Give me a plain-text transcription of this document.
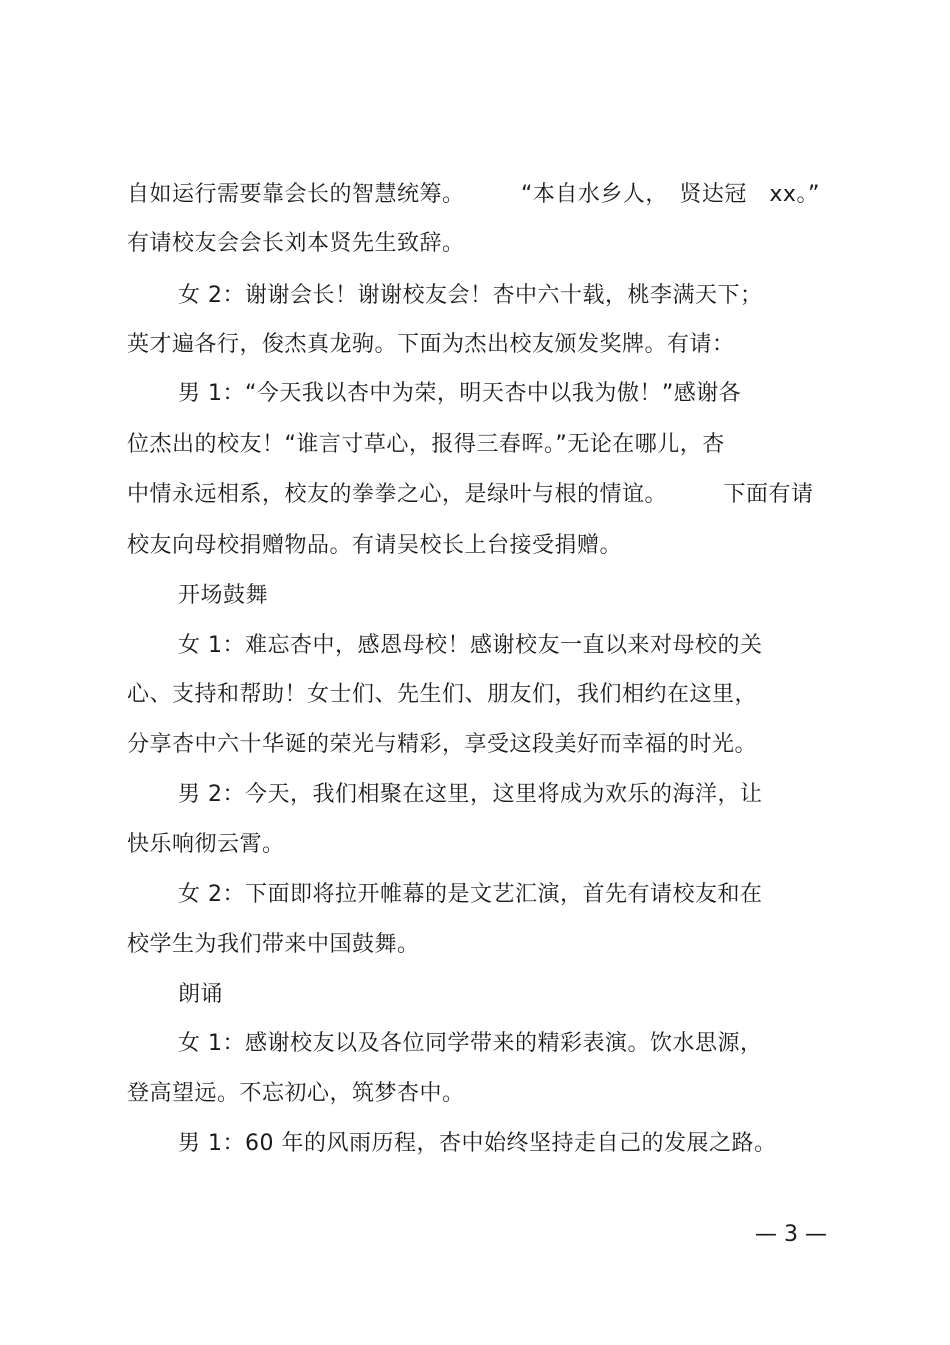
自如运行需要靠会长的智慧统筹。　　　“本自水乡人，　贤达冠　xx。”
有请校友会会长刘本贤先生致辞。
女 2：谢谢会长！谢谢校友会！杏中六十载，桃李满天下；
英才遍各行，俊杰真龙驹。下面为杰出校友颁发奖牌。有请：
男 1：“今天我以杏中为荣，明天杏中以我为傲！”感谢各
位杰出的校友！“谁言寸草心，报得三春晖。”无论在哪儿，杏
中情永远相系，校友的拳拳之心，是绿叶与根的情谊。　　　下面有请
校友向母校捐赠物品。有请吴校长上台接受捐赠。
开场鼓舞
女 1：难忘杏中，感恩母校！感谢校友一直以来对母校的关
心、支持和帮助！女士们、先生们、朋友们，我们相约在这里，
分享杏中六十华诞的荣光与精彩，享受这段美好而幸福的时光。
男 2：今天，我们相聚在这里，这里将成为欢乐的海洋，让
快乐响彻云霄。
女 2：下面即将拉开帷幕的是文艺汇演，首先有请校友和在
校学生为我们带来中国鼓舞。
朗诵
女 1：感谢校友以及各位同学带来的精彩表演。饮水思源，
登高望远。不忘初心，筑梦杏中。
男 1：60 年的风雨历程，杏中始终坚持走自己的发展之路。
— 3 —
